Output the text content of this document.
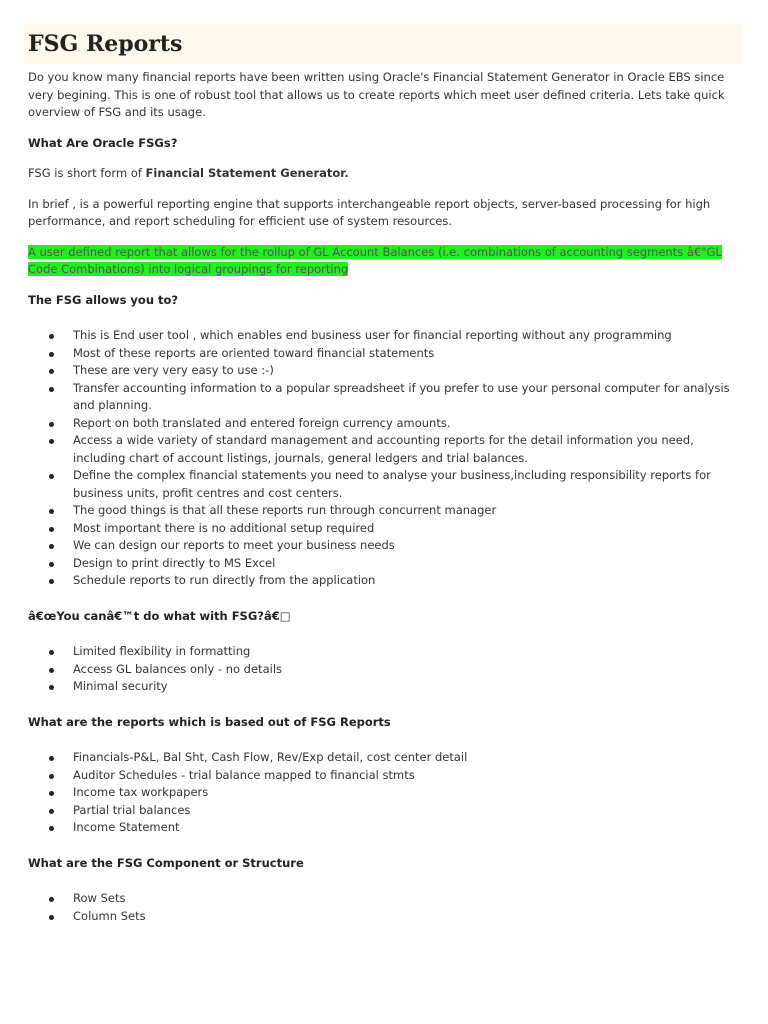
FSG Reports

Do you know many financial reports have been written using Oracle's Financial Statement Generator in Oracle EBS since very begining. This is one of robust tool that allows us to create reports which meet user defined criteria. Lets take quick overview of FSG and its usage.

What Are Oracle FSGs?

FSG is short form of Financial Statement Generator.

In brief , is a powerful reporting engine that supports interchangeable report objects, server-based processing for high performance, and report scheduling for efficient use of system resources.

A user defined report that allows for the rollup of GL Account Balances (i.e. combinations of accounting segments â€"GL Code Combinations) into logical groupings for reporting

The FSG allows you to?

This is End user tool , which enables end business user for financial reporting without any programming
Most of these reports are oriented toward financial statements
These are very very easy to use :-)
Transfer accounting information to a popular spreadsheet if you prefer to use your personal computer for analysis and planning.
Report on both translated and entered foreign currency amounts.
Access a wide variety of standard management and accounting reports for the detail information you need, including chart of account listings, journals, general ledgers and trial balances.
Define the complex financial statements you need to analyse your business,including responsibility reports for business units, profit centres and cost centers.
The good things is that all these reports run through concurrent manager
Most important there is no additional setup required
We can design our reports to meet your business needs
Design to print directly to MS Excel
Schedule reports to run directly from the application

â€œYou canâ€™t do what with FSG?â€□

Limited flexibility in formatting
Access GL balances only - no details
Minimal security

What are the reports which is based out of FSG Reports

Financials-P&L, Bal Sht, Cash Flow, Rev/Exp detail, cost center detail
Auditor Schedules - trial balance mapped to financial stmts
Income tax workpapers
Partial trial balances
Income Statement

What are the FSG Component or Structure

Row Sets
Column Sets
